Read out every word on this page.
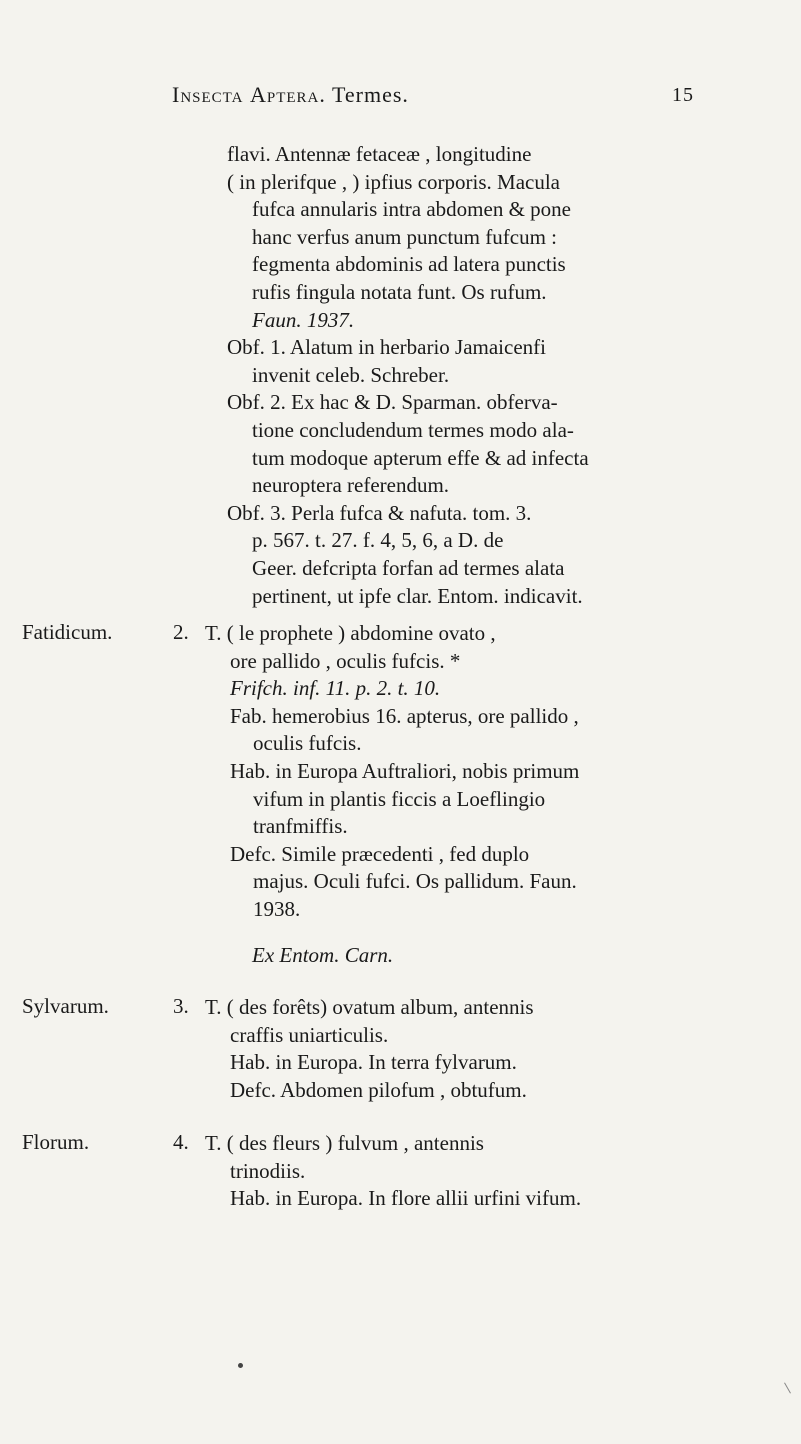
Insecta Aptera. Termes.	15
flavi. Antennæ fetaceæ , longitudine
( in plerifque , ) ipfius corporis. Macula
fufca annularis intra abdomen & pone
hanc verfus anum punctum fufcum :
fegmenta abdominis ad latera punctis
rufis fingula notata funt. Os rufum.
Faun. 1937.
Obf. 1. Alatum in herbario Jamaicenfi
invenit celeb. Schreber.
Obf. 2. Ex hac & D. Sparman. obferva-
tione concludendum termes modo ala-
tum modoque apterum effe & ad infecta
neuroptera referendum.
Obf. 3. Perla fufca & nafuta. tom. 3.
p. 567. t. 27. f. 4, 5, 6, a D. de
Geer. defcripta forfan ad termes alata
pertinent, ut ipfe clar. Entom. indicavit.
Fatidicum.	2. T. ( le prophete ) abdomine ovato ,
ore pallido , oculis fufcis. *
Frifch. inf. 11. p. 2. t. 10.
Fab. hemerobius 16. apterus, ore pallido ,
oculis fufcis.
Hab. in Europa Auftraliori, nobis primum
vifum in plantis ficcis a Loeflingio
tranfmiffis.
Defc. Simile præcedenti , fed duplo
majus. Oculi fufci. Os pallidum. Faun.
1938.
Ex Entom. Carn.
Sylvarum.	3. T. ( des forêts) ovatum album, antennis
craffis uniarticulis.
Hab. in Europa. In terra fylvarum.
Defc. Abdomen pilofum , obtufum.
Florum.	4. T. ( des fleurs ) fulvum , antennis
trinodiis.
Hab. in Europa. In flore allii urfini vifum.
